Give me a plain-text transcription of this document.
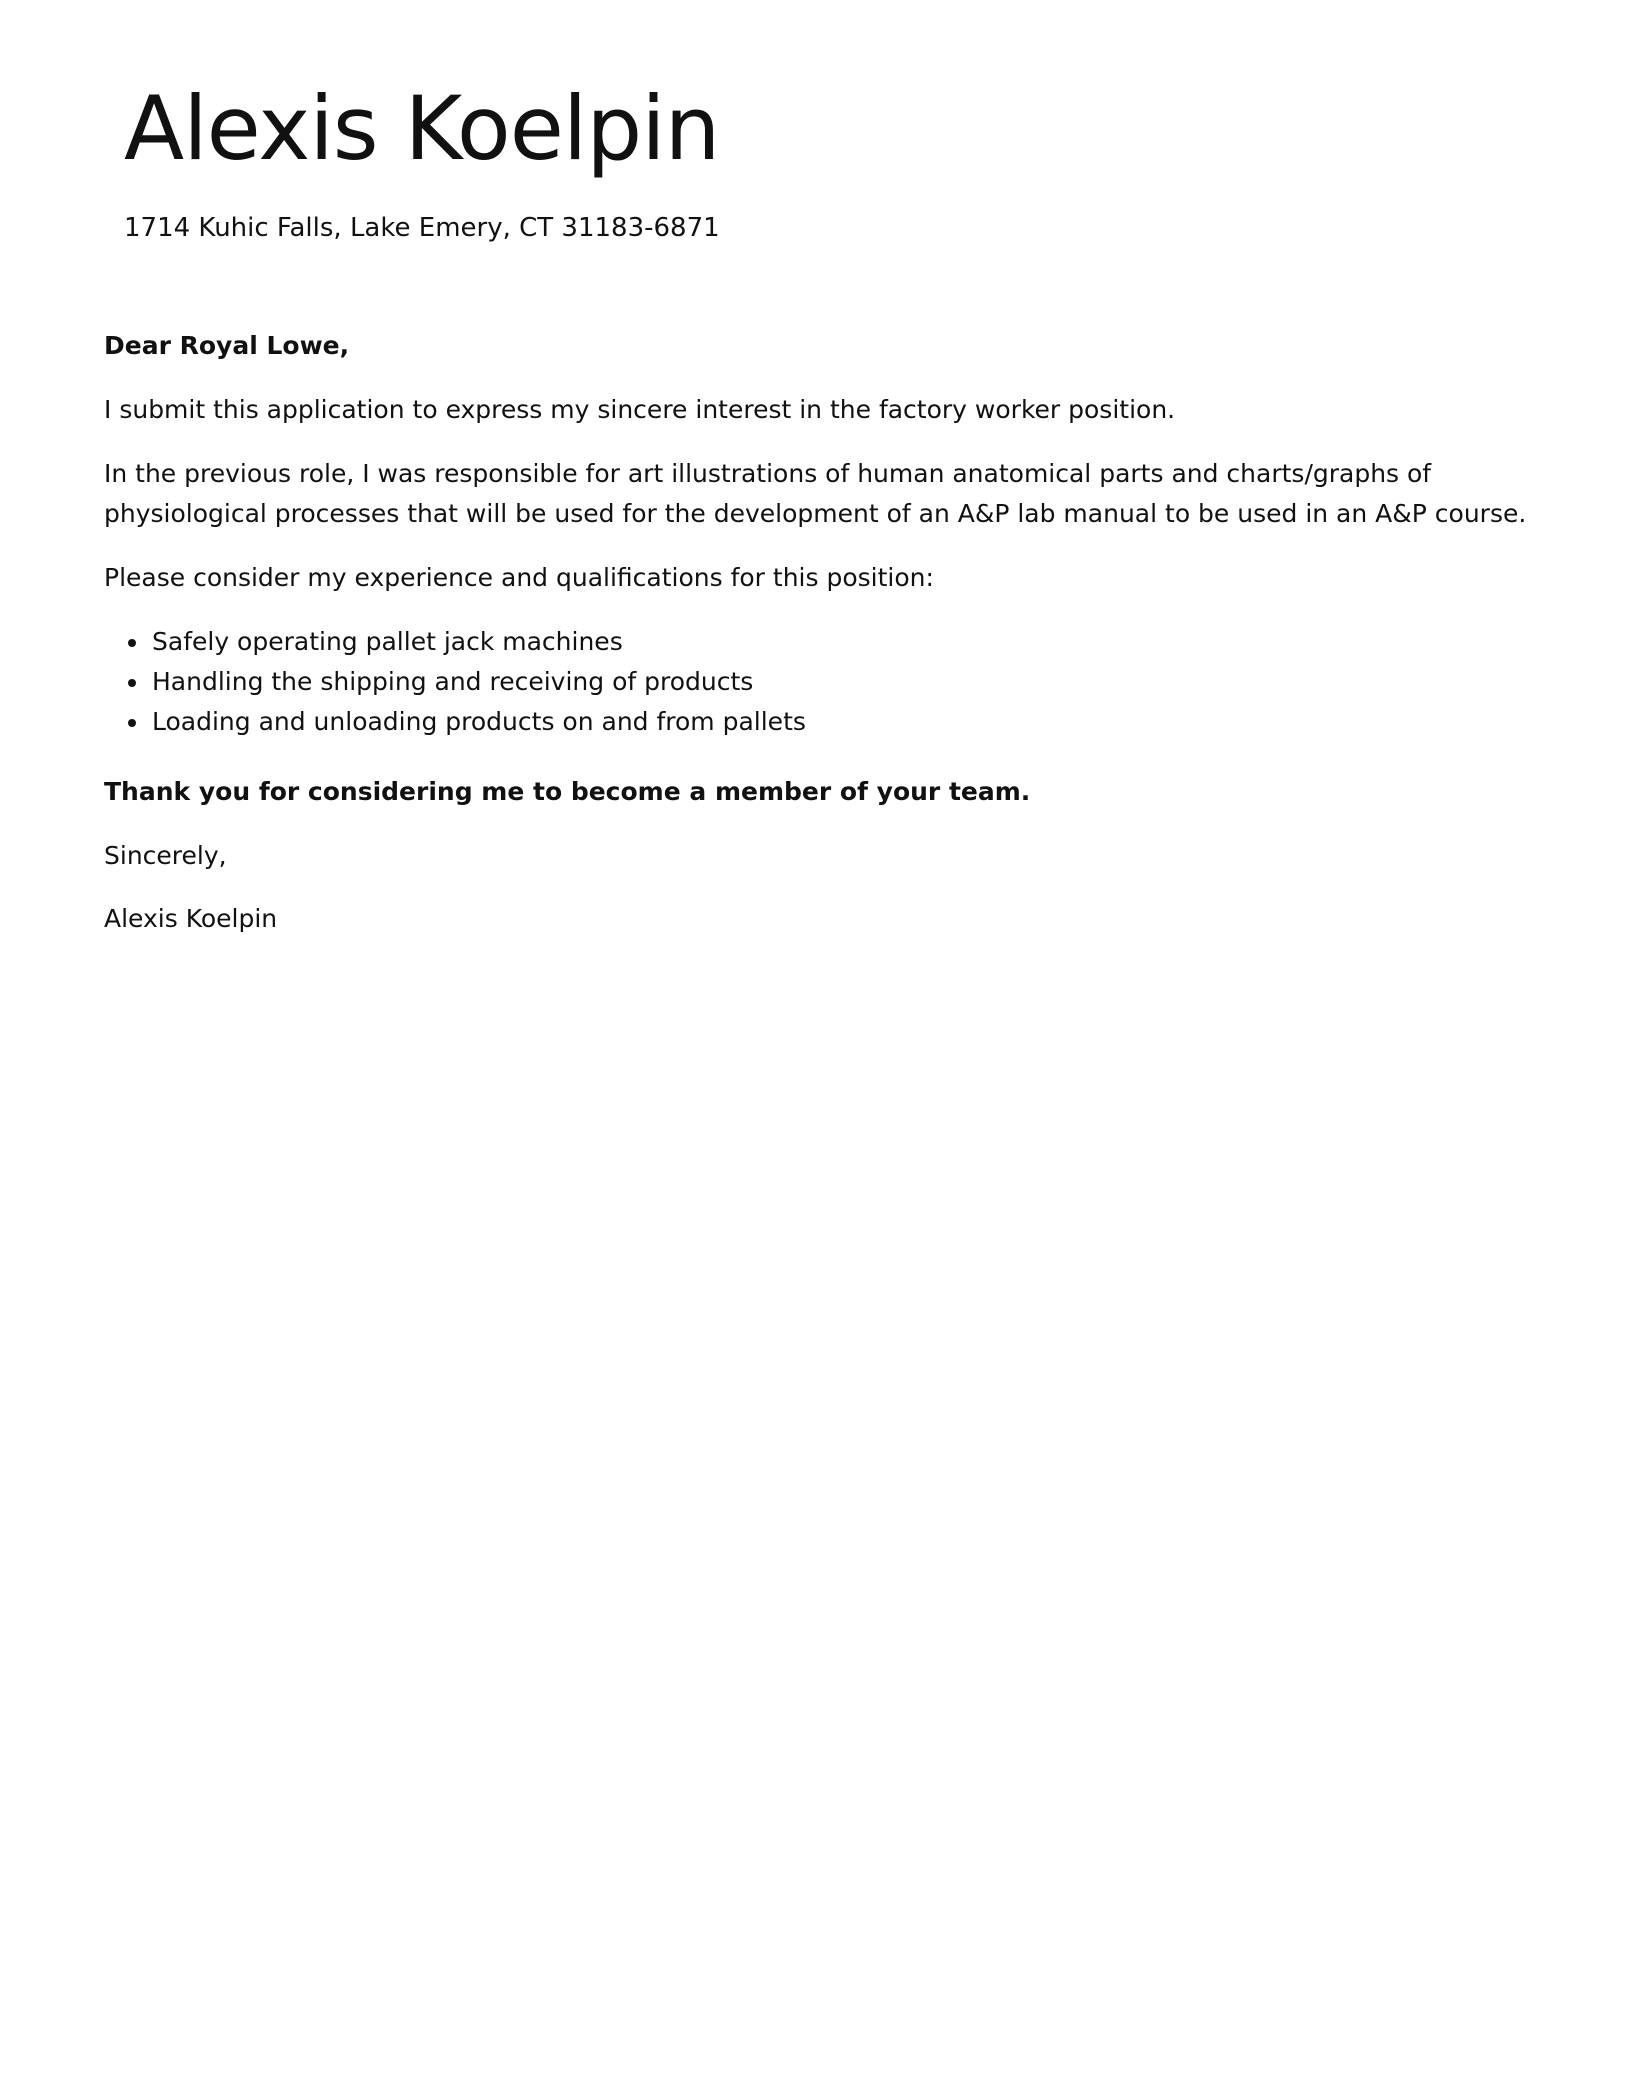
Alexis Koelpin
1714 Kuhic Falls, Lake Emery, CT 31183-6871

Dear Royal Lowe,

I submit this application to express my sincere interest in the factory worker position.

In the previous role, I was responsible for art illustrations of human anatomical parts and charts/graphs of physiological processes that will be used for the development of an A&P lab manual to be used in an A&P course.

Please consider my experience and qualifications for this position:

Safely operating pallet jack machines
Handling the shipping and receiving of products
Loading and unloading products on and from pallets

Thank you for considering me to become a member of your team.

Sincerely,

Alexis Koelpin
